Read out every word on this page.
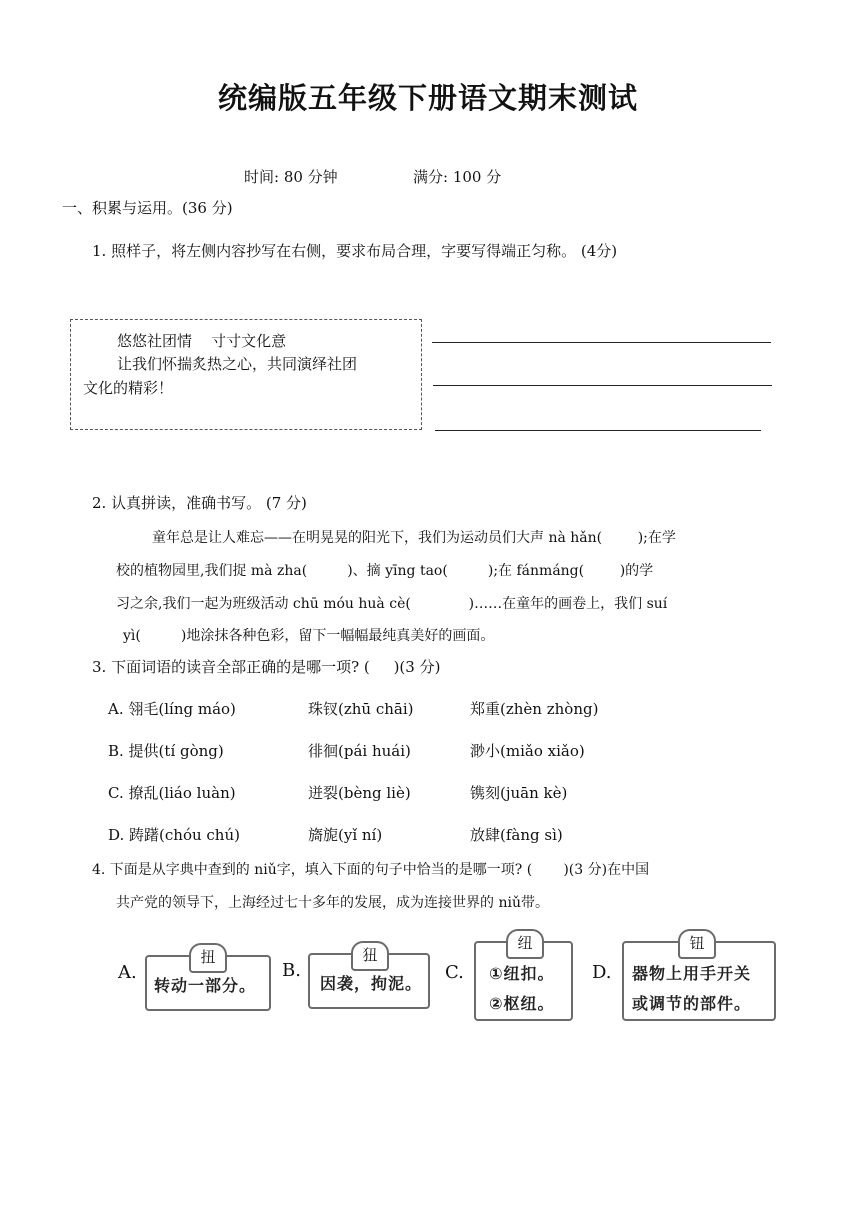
统编版五年级下册语文期末测试
时间: 80 分钟	满分: 100 分
一、积累与运用。(36 分)
1. 照样子，将左侧内容抄写在右侧，要求布局合理，字要写得端正匀称。 (4分)
悠悠社团情    寸寸文化意
让我们怀揣炙热之心，共同演绎社团
文化的精彩！
2. 认真拼读，准确书写。 (7 分)
童年总是让人难忘——在明晃晃的阳光下，我们为运动员们大声 nà hǎn(        );在学
校的植物园里,我们捉 mà zha(         )、摘 yīng tao(         );在 fánmáng(        )的学
习之余,我们一起为班级活动 chū móu huà cè(             )……在童年的画卷上，我们 suí
yì(         )地涂抹各种色彩，留下一幅幅最纯真美好的画面。
3. 下面词语的读音全部正确的是哪一项? (     )(3 分)
A. 翎毛(líng máo)	珠钗(zhū chāi)	郑重(zhèn zhòng)
B. 提供(tí gòng)	徘徊(pái huái)	渺小(miǎo xiǎo)
C. 撩乱(liáo luàn)	迸裂(bèng liè)	镌刻(juān kè)
D. 踌躇(chóu chú)	旖旎(yǐ ní)	放肆(fàng sì)
4. 下面是从字典中查到的 niǔ字，填入下面的句子中恰当的是哪一项? (       )(3 分)在中国
共产党的领导下，上海经过七十多年的发展，成为连接世界的 niǔ带。
A.
扭
转动一部分。
B.
狃
因袭，拘泥。
C.
纽
①纽扣。
②枢纽。
D.
钮
器物上用手开关
或调节的部件。
